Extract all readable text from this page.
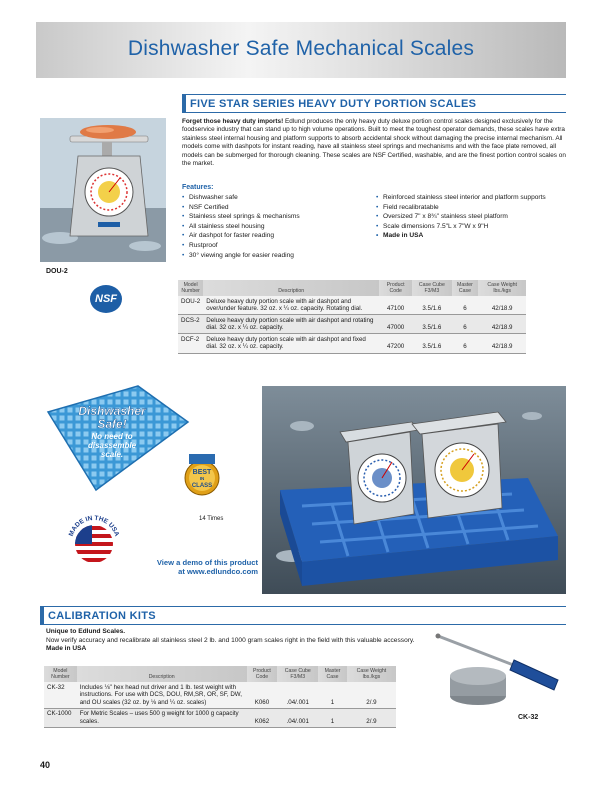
Dishwasher Safe Mechanical Scales
FIVE STAR SERIES HEAVY DUTY PORTION SCALES
DOU-2
NSF
Forget those heavy duty imports! Edlund produces the only heavy duty deluxe portion control scales designed exclusively for the foodservice industry that can stand up to high volume operations. Built to meet the toughest operator demands, these scales have extra stainless steel internal housing and platform supports to absorb accidental shock without damaging the precise internal mechanism. All models come with dashpots for instant reading, have all stainless steel springs and mechanisms and with the face plate removed, all models can be submerged for thorough cleaning. These scales are NSF Certified, washable, and are the finest portion control scales on the market.
Features:
• Dishwasher safe
• NSF Certified
• Stainless steel springs & mechanisms
• All stainless steel housing
• Air dashpot for faster reading
• Rustproof
• 30° viewing angle for easier reading
• Reinforced stainless steel interior and platform supports
• Field recalibratable
• Oversized 7" x 8¾" stainless steel platform
• Scale dimensions 7.5"L x 7"W x 9"H
• Made in USA
Model Number	Description	Product Code	Case Cube F3/M3	Master Case	Case Weight lbs./kgs
DOU-2	Deluxe heavy duty portion scale with air dashpot and over/under feature. 32 oz. x ¼ oz. capacity. Rotating dial.	47100	3.5/1.6	6	42/18.9
DCS-2	Deluxe heavy duty portion scale with air dashpot and rotating dial. 32 oz. x ¼ oz. capacity.	47000	3.5/1.6	6	42/18.9
DCF-2	Deluxe heavy duty portion scale with air dashpot and fixed dial. 32 oz. x ¼ oz. capacity.	47200	3.5/1.6	6	42/18.9
Dishwasher
Safe!
No need to
disassemble
scale.
BEST
IN
CLASS
14 Times
MADE IN THE USA
View a demo of this product
at www.edlundco.com
CALIBRATION KITS
Unique to Edlund Scales.
Now verify accuracy and recalibrate all stainless steel 2 lb. and 1000 gram scales right in the field with this valuable accessory.
Made in USA
CK-32
Model Number	Description	Product Code	Case Cube F3/M3	Master Case	Case Weight lbs./kgs
CK-32	Includes ⅛" hex head nut driver and 1 lb. test weight with instructions. For use with DCS, DOU, RM,SR, OR, SF, DW, and OU scales (32 oz. by ⅛ and ¼ oz. scales)	K060	.04/.001	1	2/.9
CK-1000	For Metric Scales – uses 500 g weight for 1000 g capacity scales.	K062	.04/.001	1	2/.9
40
